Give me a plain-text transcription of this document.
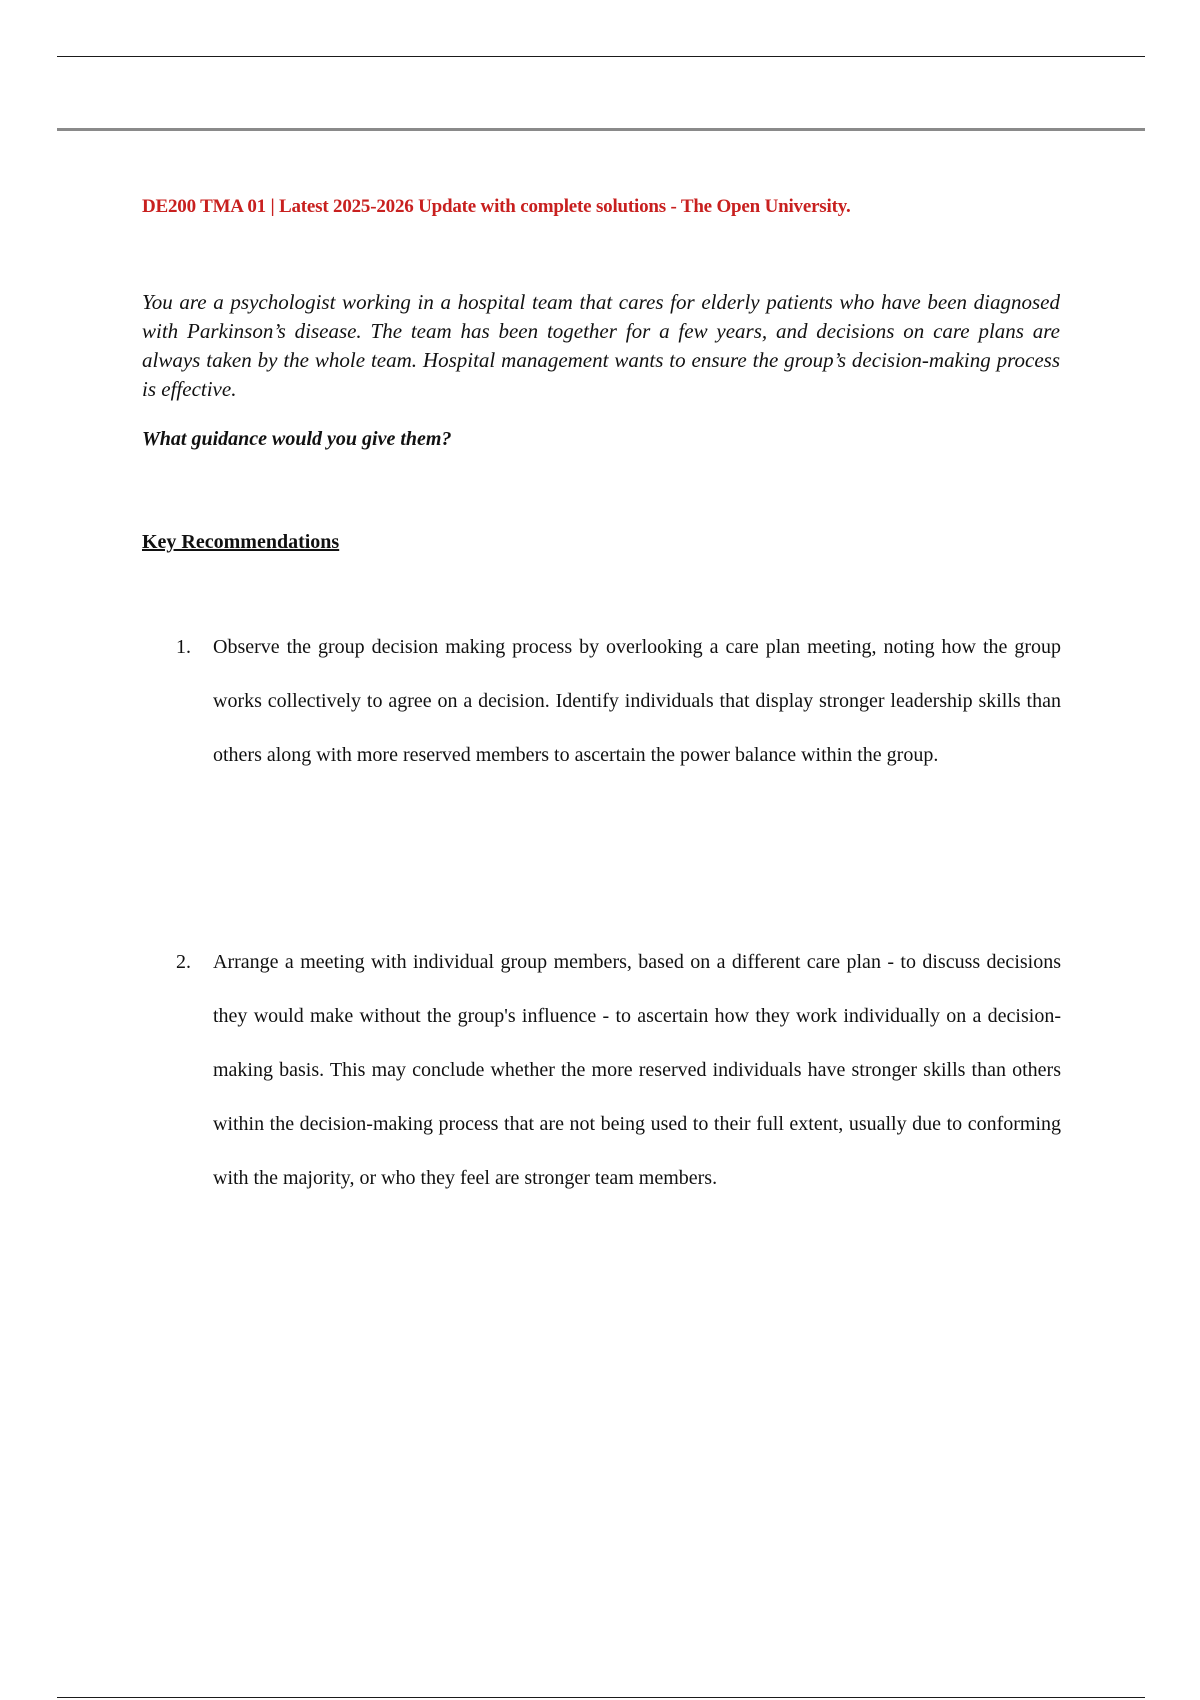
DE200 TMA 01 | Latest 2025-2026 Update with complete solutions - The Open University.
You are a psychologist working in a hospital team that cares for elderly patients who have been diagnosed with Parkinson’s disease. The team has been together for a few years, and decisions on care plans are always taken by the whole team. Hospital management wants to ensure the group’s decision-making process is effective.
What guidance would you give them?
Key Recommendations
1. Observe the group decision making process by overlooking a care plan meeting, noting how the group works collectively to agree on a decision. Identify individuals that display stronger leadership skills than others along with more reserved members to ascertain the power balance within the group.
2. Arrange a meeting with individual group members, based on a different care plan - to discuss decisions they would make without the group's influence - to ascertain how they work individually on a decision-making basis. This may conclude whether the more reserved individuals have stronger skills than others within the decision-making process that are not being used to their full extent, usually due to conforming with the majority, or who they feel are stronger team members.
